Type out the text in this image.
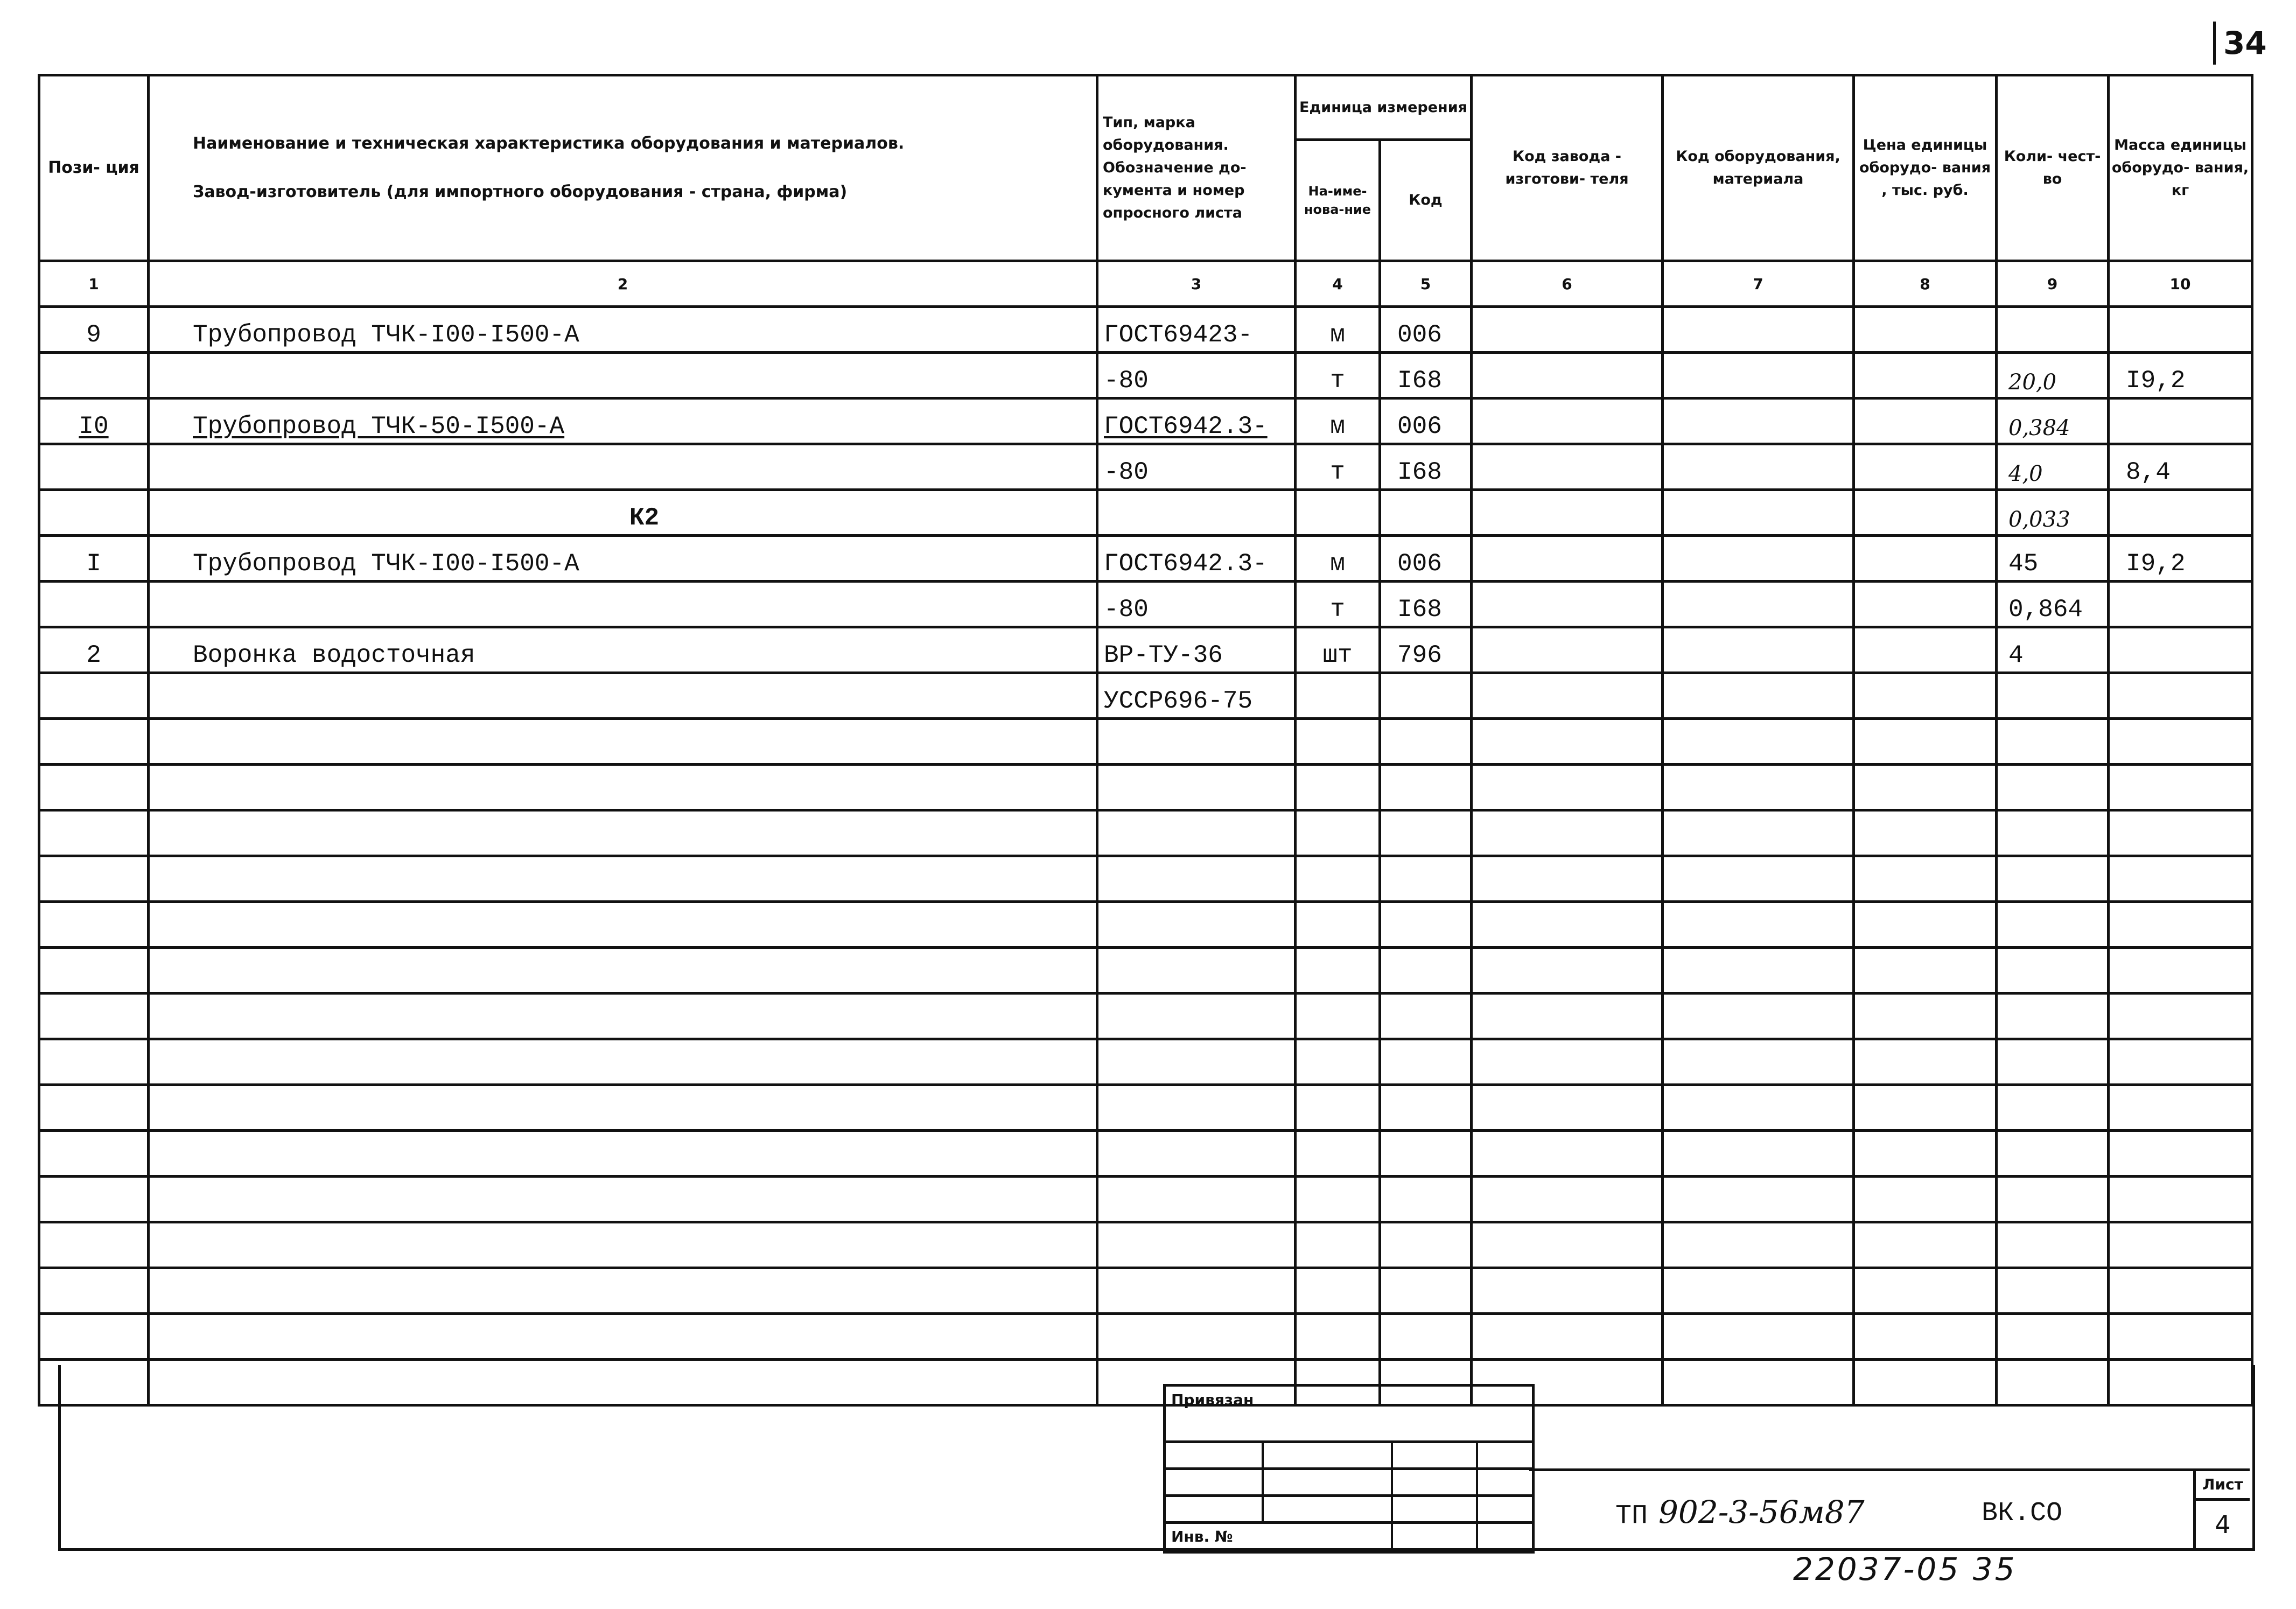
34
Пози- ция	Наименование и техническая характеристика оборудования и материалов.
Завод-изготовитель (для импортного оборудования - страна, фирма)	Тип, марка оборудования. Обозначение до-кумента и номер опросного листа	Единица измерения		Код завода - изготови- теля	Код оборудования, материала	Цена единицы оборудо- вания , тыс. руб.	Коли- чест- во	Масса единицы оборудо- вания, кг
			На-име-нова-ние	Код					
1	2	3	4	5	6	7	8	9	10
9	Трубопровод ТЧК-I00-I500-A	ГОСТ69423-	м	006					
		-80	т	I68				20,0	I9,2
I0	Трубопровод ТЧК-50-I500-A	ГОСТ6942.3-	м	006				0,384	
		-80	т	I68				4,0	8,4
	К2							0,033	
I	Трубопровод ТЧК-I00-I500-A	ГОСТ6942.3-	м	006				45	I9,2
		-80	т	I68				0,864	
2	Воронка водосточная	ВР-ТУ-36	шт	796				4	
		УССР696-75							

Привязан
Инв. №
ТП 902-3-56м87	ВК.СО
Лист
4
22037-05 35
